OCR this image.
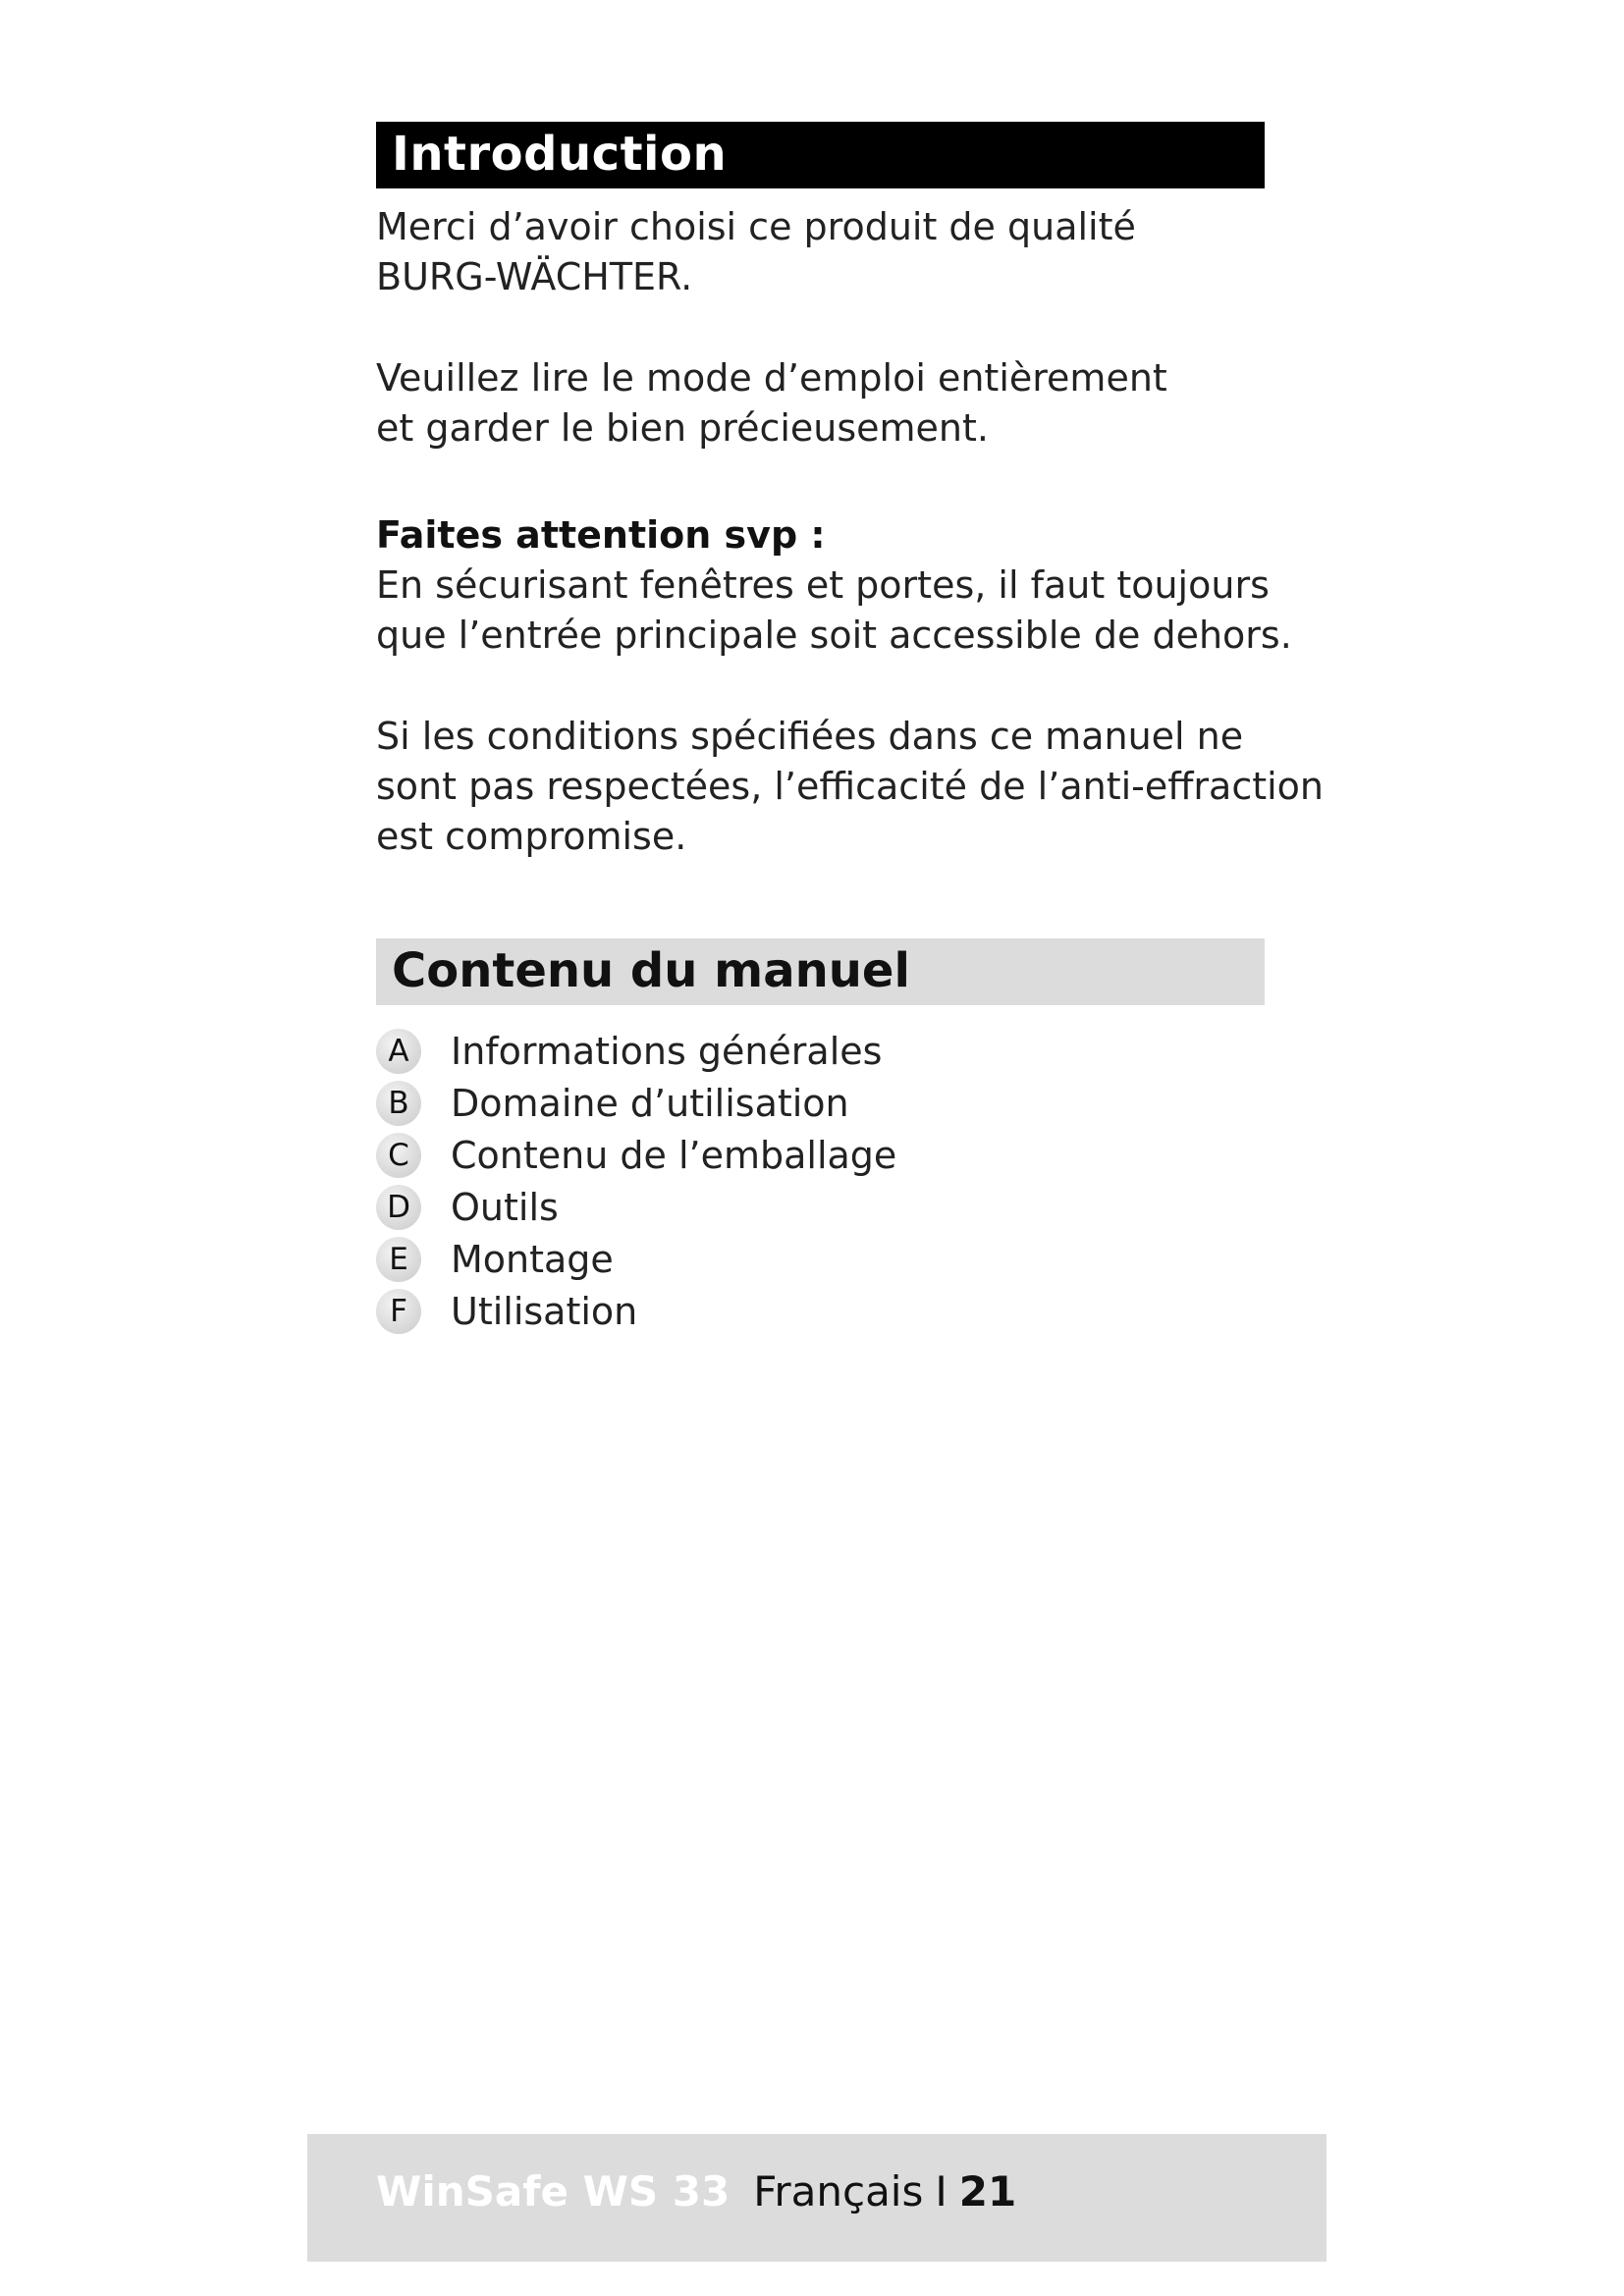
Introduction

Merci d’avoir choisi ce produit de qualité
BURG-WÄCHTER.

Veuillez lire le mode d’emploi entièrement
et garder le bien précieusement.

Faites attention svp :

En sécurisant fenêtres et portes, il faut toujours
que l’entrée principale soit accessible de dehors.

Si les conditions spécifiées dans ce manuel ne
sont pas respectées, l’efficacité de l’anti-effraction
est compromise.

Contenu du manuel
A	Informations générales
B	Domaine d’utilisation
C	Contenu de l’emballage
D Outils
E	Montage
F	Utilisation
WinSafe WS 33 Français I 21
